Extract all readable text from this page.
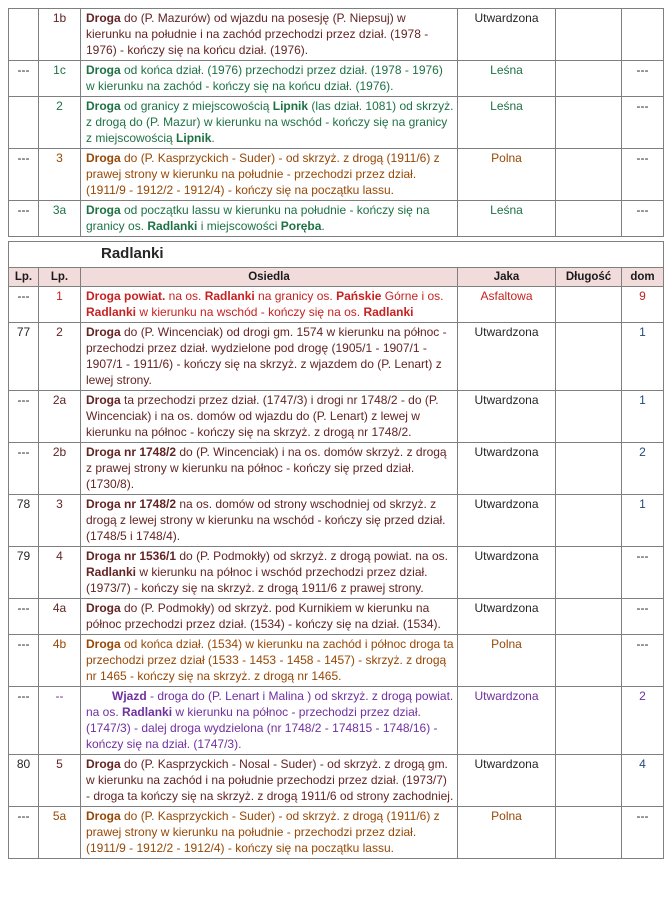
	1b	Droga do (P. Mazurów) od wjazdu na posesję (P. Niepsuj) w kierunku na południe i na zachód przechodzi przez dział. (1978 - 1976) - kończy się na końcu dział. (1976).	Utwardzona		
---	1c	Droga od końca dział. (1976) przechodzi przez dział. (1978 - 1976) w kierunku na zachód - kończy się na końcu dział. (1976).	Leśna		---
	2	Droga od granicy z miejscowością Lipnik (las dział. 1081) od skrzyż. z drogą do (P. Mazur) w kierunku na wschód - kończy się na granicy z miejscowością Lipnik.	Leśna		---
---	3	Droga do (P. Kasprzyckich - Suder) - od skrzyż. z drogą (1911/6) z prawej strony w kierunku na południe - przechodzi przez dział. (1911/9 - 1912/2 - 1912/4) - kończy się na początku lassu.	Polna		---
---	3a	Droga od początku lassu w kierunku na południe - kończy się na granicy os. Radlanki i miejscowości Poręba.	Leśna		---
Radlanki					
Lp.	Lp.	Osiedla	Jaka	Długość	dom
---	1	Droga powiat. na os. Radlanki na granicy os. Pańskie Górne i os. Radlanki w kierunku na wschód - kończy się na os. Radlanki	Asfaltowa		9
77	2	Droga do (P. Wincenciak) od drogi gm. 1574 w kierunku na północ - przechodzi przez dział. wydzielone pod drogę (1905/1 - 1907/1 - 1907/1 - 1911/6) - kończy się na skrzyż. z wjazdem do (P. Lenart) z lewej strony.	Utwardzona		1
---	2a	Droga ta przechodzi przez dział. (1747/3) i drogi nr 1748/2 - do (P. Wincenciak) i na os. domów od wjazdu do (P. Lenart) z lewej w kierunku na północ - kończy się na skrzyż. z drogą nr 1748/2.	Utwardzona		1
---	2b	Droga nr 1748/2 do (P. Wincenciak) i na os. domów skrzyż. z drogą z prawej strony w kierunku na północ - kończy się przed dział. (1730/8).	Utwardzona		2
78	3	Droga nr 1748/2 na os. domów od strony wschodniej od skrzyż. z drogą z lewej strony w kierunku na wschód - kończy się przed dział. (1748/5 i 1748/4).	Utwardzona		1
79	4	Droga nr 1536/1 do (P. Podmokły) od skrzyż. z drogą powiat. na os. Radlanki w kierunku na północ i wschód przechodzi przez dział. (1973/7) - kończy się na skrzyż. z drogą 1911/6 z prawej strony.	Utwardzona		---
---	4a	Droga do (P. Podmokły) od skrzyż. pod Kurnikiem w kierunku na północ przechodzi przez dział. (1534) - kończy się na dział. (1534).	Utwardzona		---
---	4b	Droga od końca dział. (1534) w kierunku na zachód i północ droga ta przechodzi przez dział (1533 - 1453 - 1458 - 1457) - skrzyż. z drogą nr 1465 - kończy się na skrzyż. z drogą nr 1465.	Polna		---
---	--	Wjazd - droga do (P. Lenart i Malina ) od skrzyż. z drogą powiat. na os. Radlanki w kierunku na północ - przechodzi przez dział. (1747/3) - dalej droga wydzielona (nr 1748/2 - 174815 - 1748/16) - kończy się na dział. (1747/3).	Utwardzona		2
80	5	Droga do (P. Kasprzyckich - Nosal - Suder) - od skrzyż. z drogą gm. w kierunku na zachód i na południe przechodzi przez dział. (1973/7) - droga ta kończy się na skrzyż. z drogą 1911/6 od strony zachodniej.	Utwardzona		4
---	5a	Droga do (P. Kasprzyckich - Suder) - od skrzyż. z drogą (1911/6) z prawej strony w kierunku na południe - przechodzi przez dział. (1911/9 - 1912/2 - 1912/4) - kończy się na początku lassu.	Polna		---
